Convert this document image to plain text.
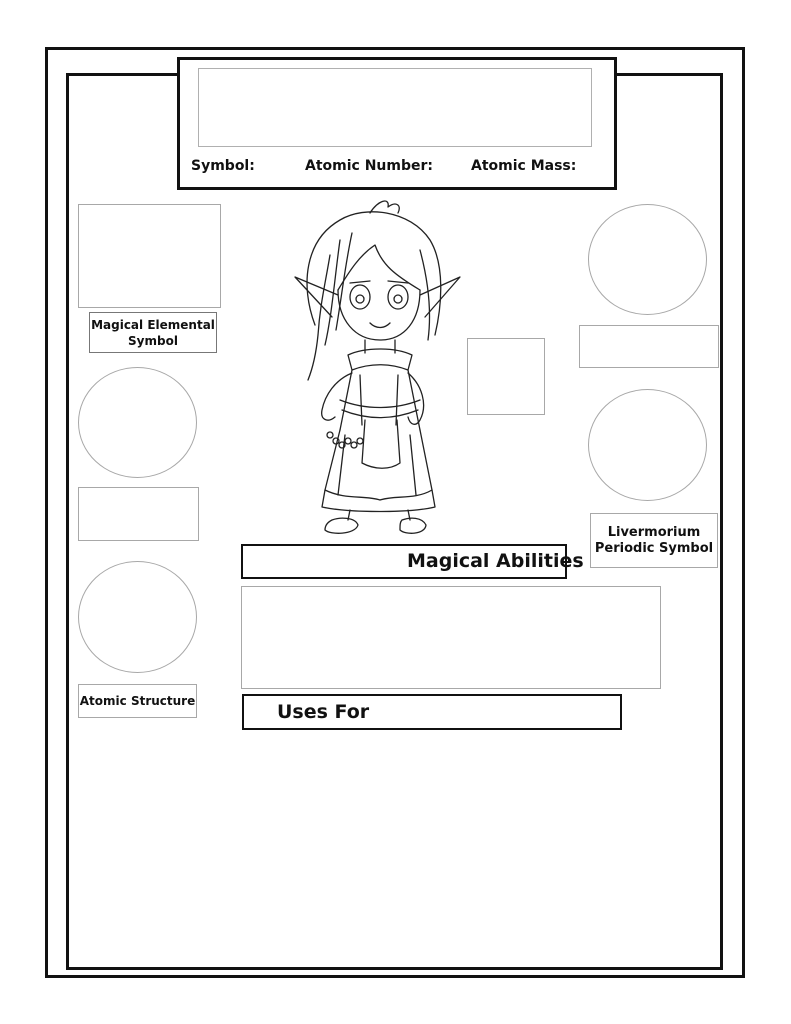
Symbol:	Atomic Number:	Atomic Mass:
Magical Elemental Symbol
Atomic Structure
Livermorium Periodic Symbol
Magical Abilities
Uses For
